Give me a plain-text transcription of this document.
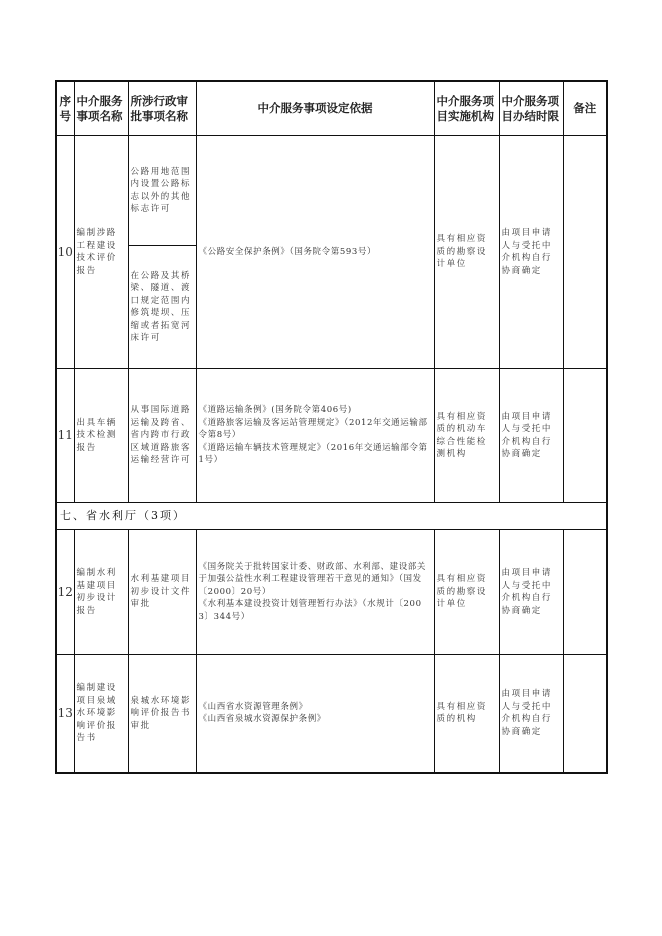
序号	中介服务事项名称	所涉行政审　批事项名称	中介服务事项设定依据	中介服务项目实施机构	中介服务项目办结时限	备注
10	编制涉路工程建设技术评价报告	公路用地范围内设置公路标志以外的其他标志许可	《公路安全保护条例》（国务院令第593号）	具有相应资质的勘察设计单位	由项目申请人与受托中介机构自行协商确定	
		在公路及其桥梁、隧道、渡口规定范围内修筑堤坝、压缩或者拓宽河床许可				
11	出具车辆技术检测报告	从事国际道路运输及跨省、省内跨市行政区域道路旅客运输经营许可	《道路运输条例》(国务院令第406号)
《道路旅客运输及客运站管理规定》（2012年交通运输部令第8号）
《道路运输车辆技术管理规定》（2016年交通运输部令第1号）	具有相应资质的机动车综合性能检测机构	由项目申请人与受托中介机构自行协商确定	
七、省水利厅（3项）						
12	编制水利基建项目初步设计报告	水利基建项目初步设计文件审批	《国务院关于批转国家计委、财政部、水利部、建设部关于加强公益性水利工程建设管理若干意见的通知》（国发〔2000〕20号）
《水利基本建设投资计划管理暂行办法》（水规计〔2003〕344号）	具有相应资质的勘察设计单位	由项目申请人与受托中介机构自行协商确定	
13	编制建设项目泉域水环境影响评价报告书	泉城水环境影响评价报告书审批	《山西省水资源管理条例》
《山西省泉城水资源保护条例》	具有相应资质的机构	由项目申请人与受托中介机构自行协商确定	
